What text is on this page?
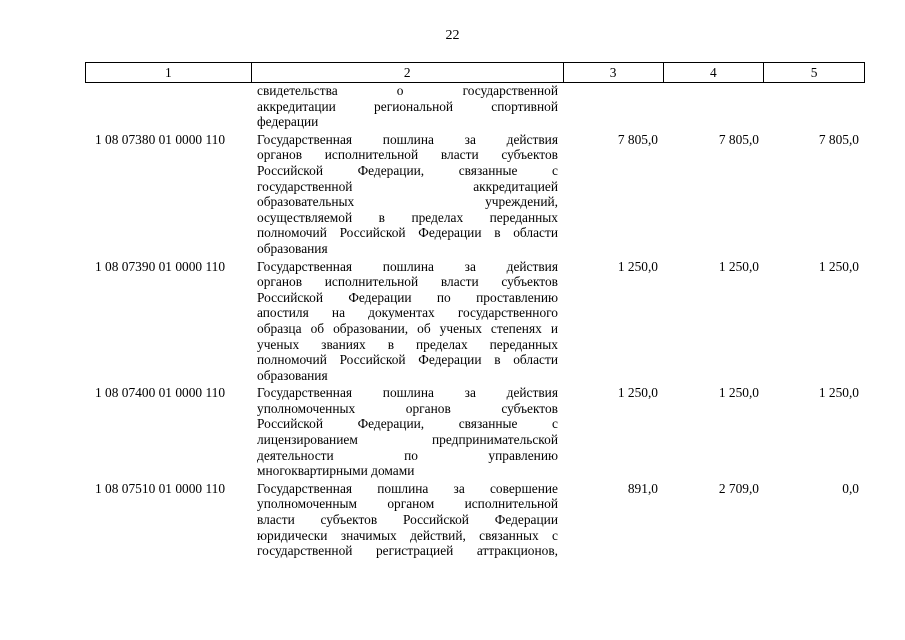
22
1	2	3	4	5
свидетельства о государственной
аккредитации региональной спортивной
федерации
1 08 07380 01 0000 110	Государственная пошлина за действия
органов исполнительной власти субъектов
Российской Федерации, связанные с
государственной аккредитацией
образовательных учреждений,
осуществляемой в пределах переданных
полномочий Российской Федерации в области
образования
7 805,0	7 805,0	7 805,0
1 08 07390 01 0000 110	Государственная пошлина за действия
органов исполнительной власти субъектов
Российской Федерации по проставлению
апостиля на документах государственного
образца об образовании, об ученых степенях и
ученых званиях в пределах переданных
полномочий Российской Федерации в области
образования
1 250,0	1 250,0	1 250,0
1 08 07400 01 0000 110	Государственная пошлина за действия
уполномоченных органов субъектов
Российской Федерации, связанные с
лицензированием предпринимательской
деятельности по управлению
многоквартирными домами
1 250,0	1 250,0	1 250,0
1 08 07510 01 0000 110	Государственная пошлина за совершение
уполномоченным органом исполнительной
власти субъектов Российской Федерации
юридически значимых действий, связанных с
государственной регистрацией аттракционов,
891,0	2 709,0	0,0
